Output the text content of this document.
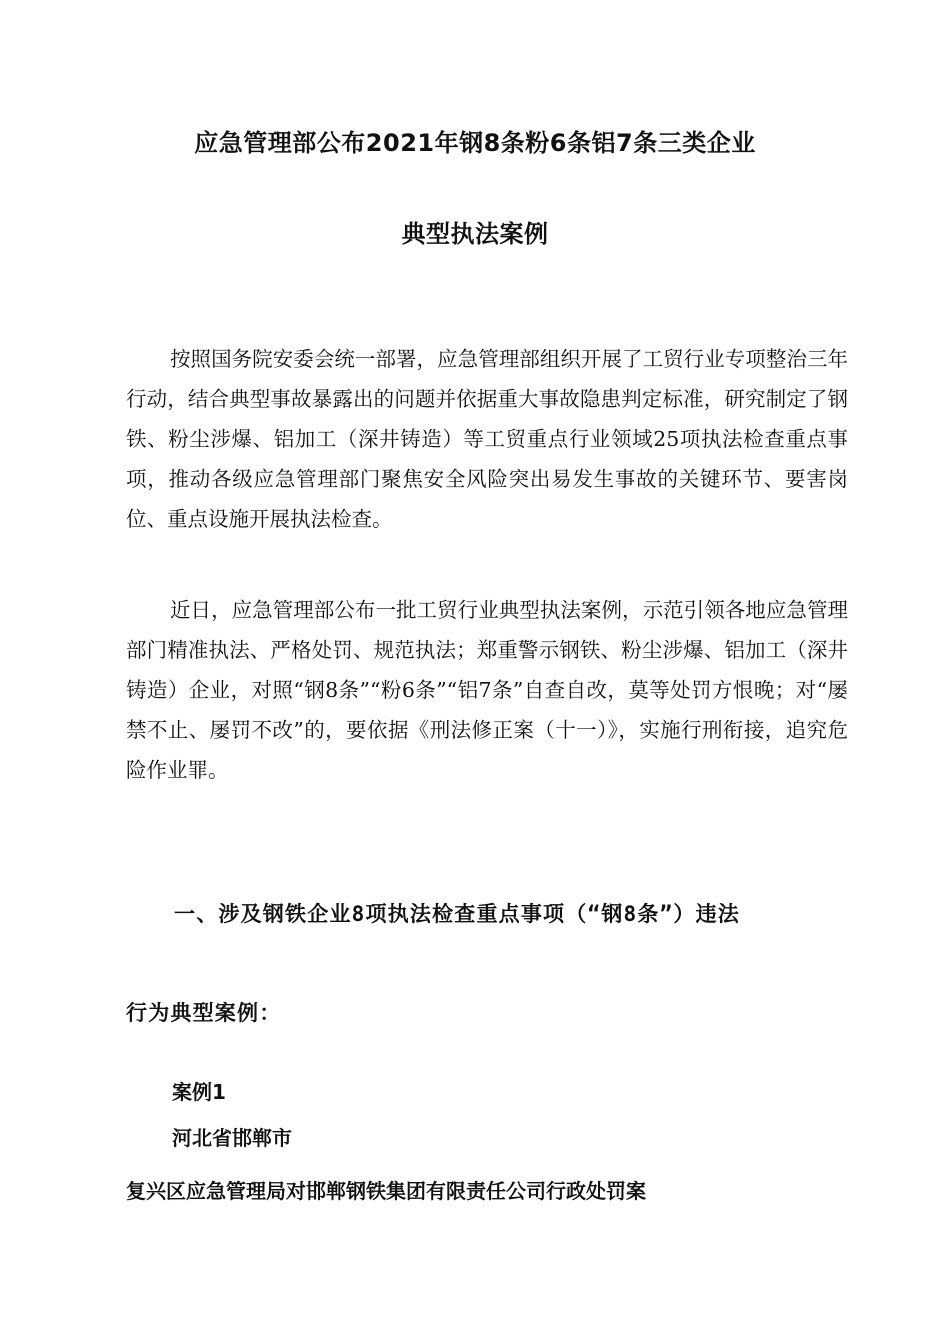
应急管理部公布2021年钢8条粉6条铝7条三类企业
典型执法案例

按照国务院安委会统一部署，应急管理部组织开展了工贸行业专项整治三年行动，结合典型事故暴露出的问题并依据重大事故隐患判定标准，研究制定了钢铁、粉尘涉爆、铝加工（深井铸造）等工贸重点行业领域25项执法检查重点事项，推动各级应急管理部门聚焦安全风险突出易发生事故的关键环节、要害岗位、重点设施开展执法检查。

近日，应急管理部公布一批工贸行业典型执法案例，示范引领各地应急管理部门精准执法、严格处罚、规范执法；郑重警示钢铁、粉尘涉爆、铝加工（深井铸造）企业，对照“钢8条”“粉6条”“铝7条”自查自改，莫等处罚方恨晚；对“屡禁不止、屡罚不改”的，要依据《刑法修正案（十一）》，实施行刑衔接，追究危险作业罪。

一、涉及钢铁企业8项执法检查重点事项（“钢8条”）违法
行为典型案例：
案例1
河北省邯郸市
复兴区应急管理局对邯郸钢铁集团有限责任公司行政处罚案
